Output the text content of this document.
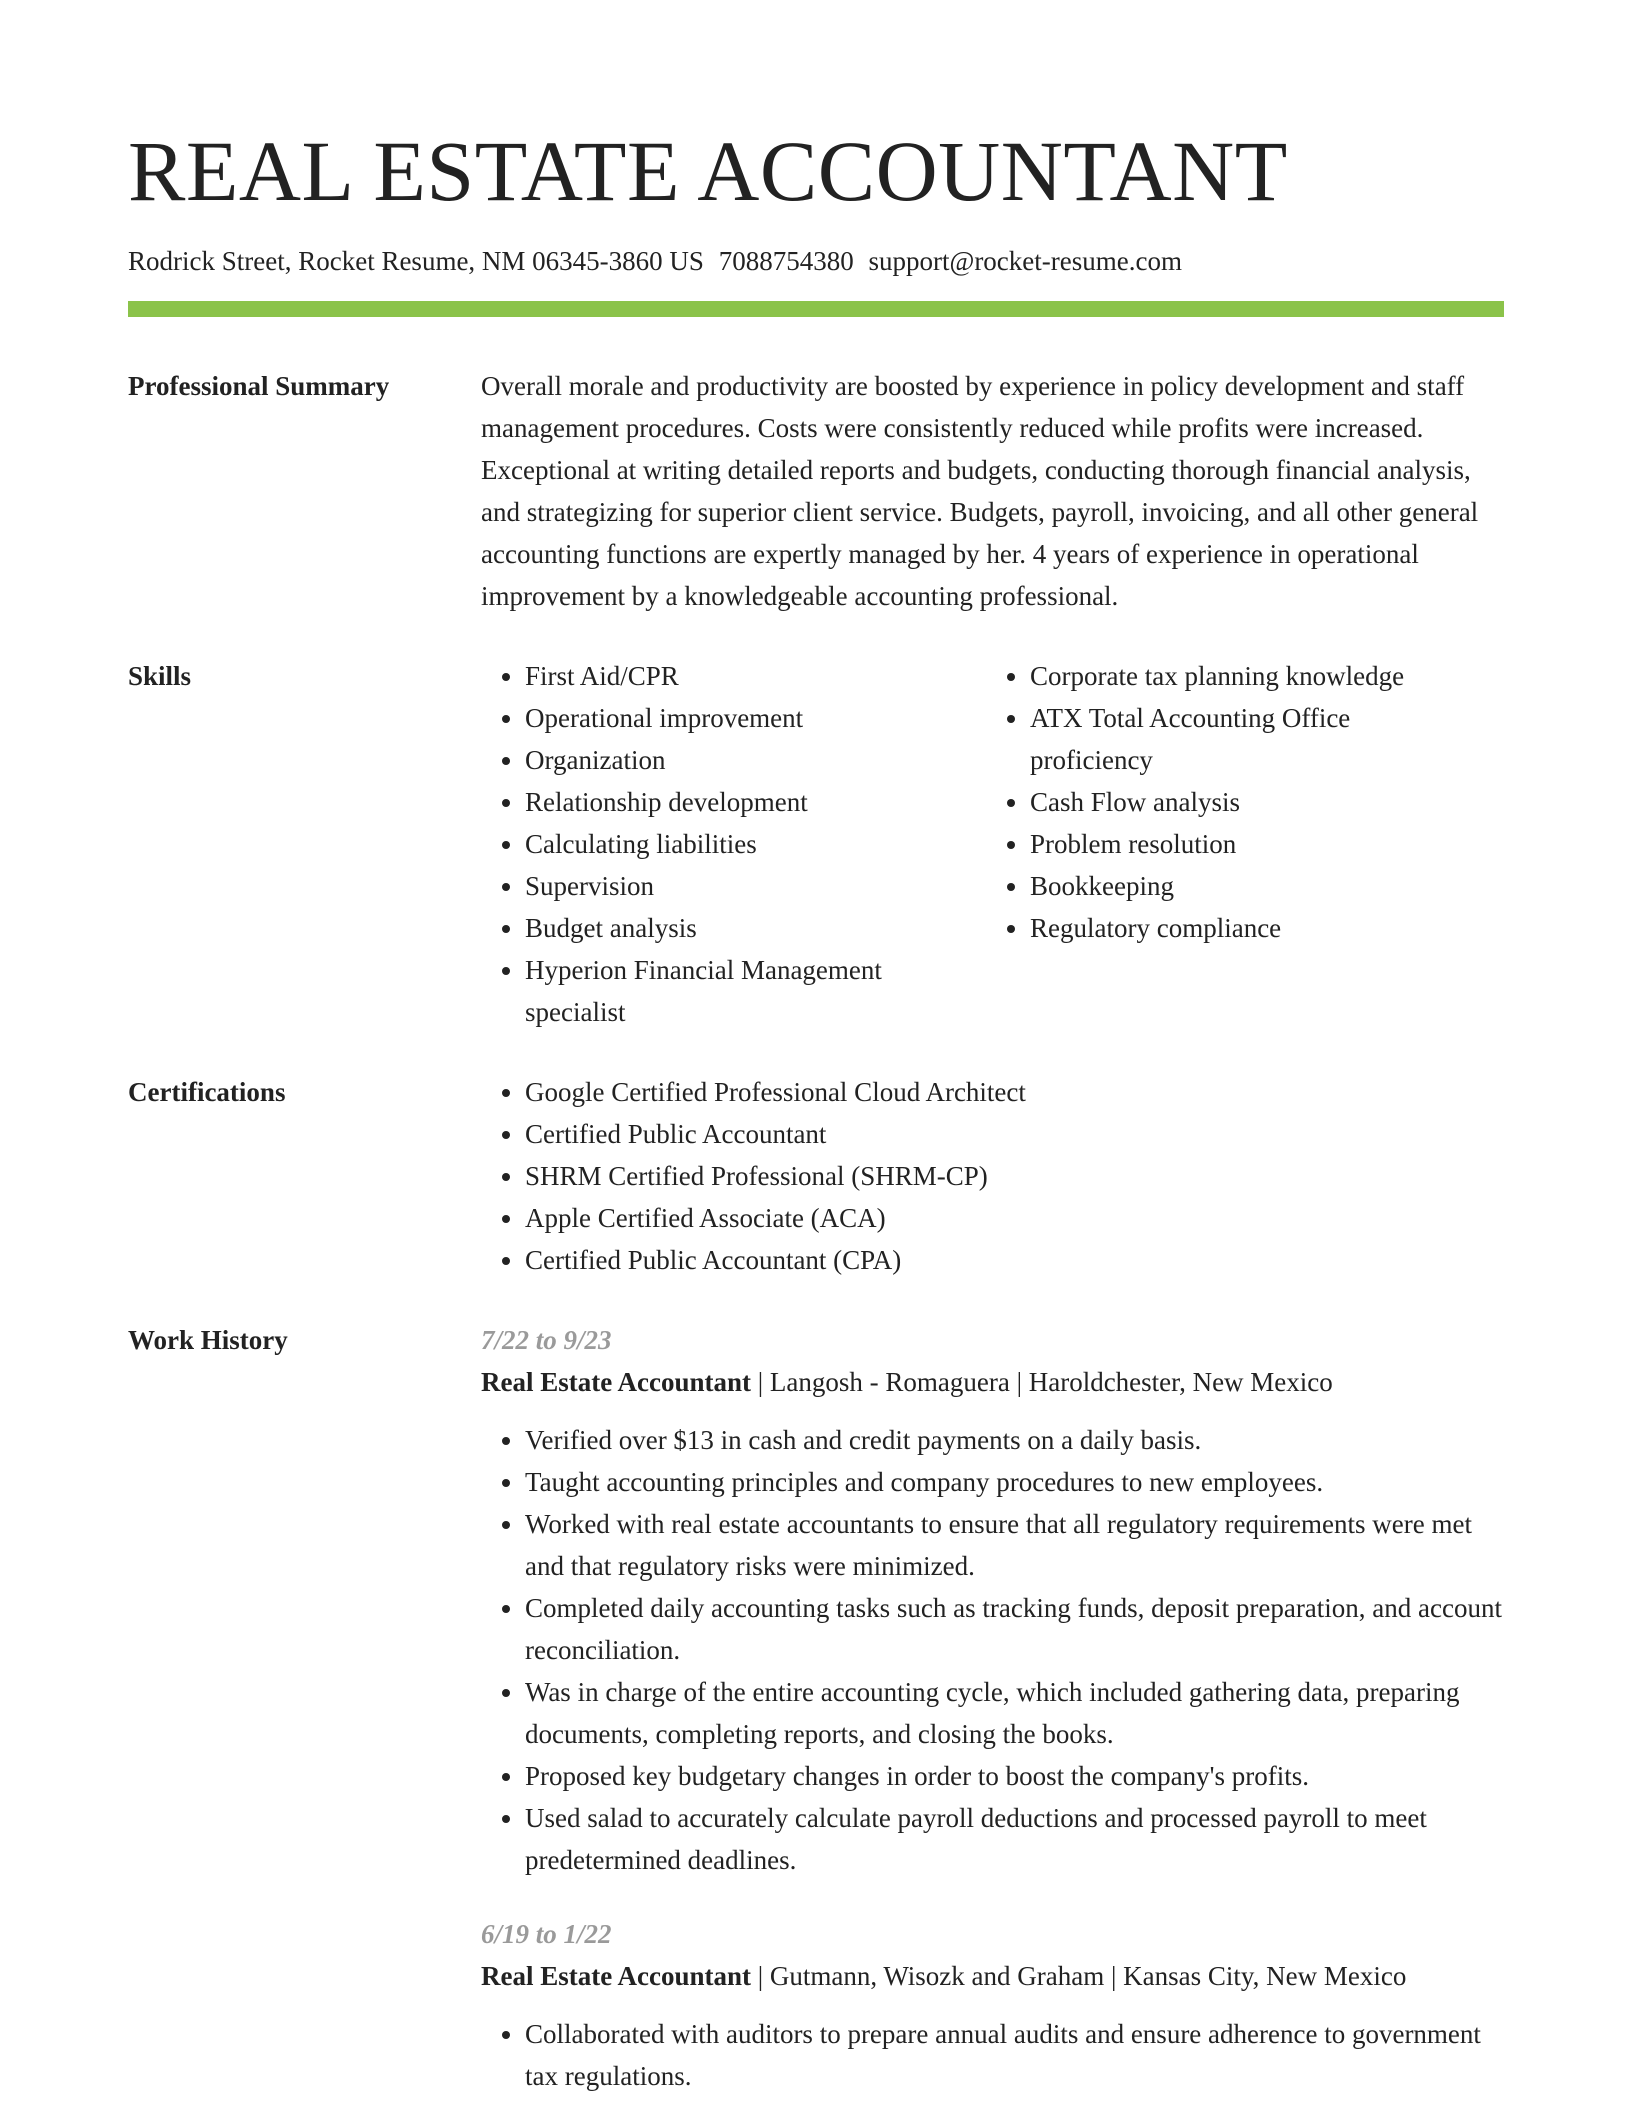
REAL ESTATE ACCOUNTANT
Rodrick Street, Rocket Resume, NM 06345-3860 US 7088754380 support@rocket-resume.com
Professional Summary	Overall morale and productivity are boosted by experience in policy development and staff management procedures. Costs were consistently reduced while profits were increased. Exceptional at writing detailed reports and budgets, conducting thorough financial analysis, and strategizing for superior client service. Budgets, payroll, invoicing, and all other general accounting functions are expertly managed by her. 4 years of experience in operational improvement by a knowledgeable accounting professional.

Skills	• First Aid/CPR
• Operational improvement
• Organization
• Relationship development
• Calculating liabilities
• Supervision
• Budget analysis
• Hyperion Financial Management specialist
• Corporate tax planning knowledge
• ATX Total Accounting Office proficiency
• Cash Flow analysis
• Problem resolution
• Bookkeeping
• Regulatory compliance
Certifications	• Google Certified Professional Cloud Architect
• Certified Public Accountant
• SHRM Certified Professional (SHRM-CP)
• Apple Certified Associate (ACA)
• Certified Public Accountant (CPA)
Work History	7/22 to 9/23
Real Estate Accountant | Langosh - Romaguera | Haroldchester, New Mexico
• Verified over $13 in cash and credit payments on a daily basis.
• Taught accounting principles and company procedures to new employees.
• Worked with real estate accountants to ensure that all regulatory requirements were met and that regulatory risks were minimized.
• Completed daily accounting tasks such as tracking funds, deposit preparation, and account reconciliation.
• Was in charge of the entire accounting cycle, which included gathering data, preparing documents, completing reports, and closing the books.
• Proposed key budgetary changes in order to boost the company's profits.
• Used salad to accurately calculate payroll deductions and processed payroll to meet predetermined deadlines.
6/19 to 1/22
Real Estate Accountant | Gutmann, Wisozk and Graham | Kansas City, New Mexico
• Collaborated with auditors to prepare annual audits and ensure adherence to government tax regulations.
